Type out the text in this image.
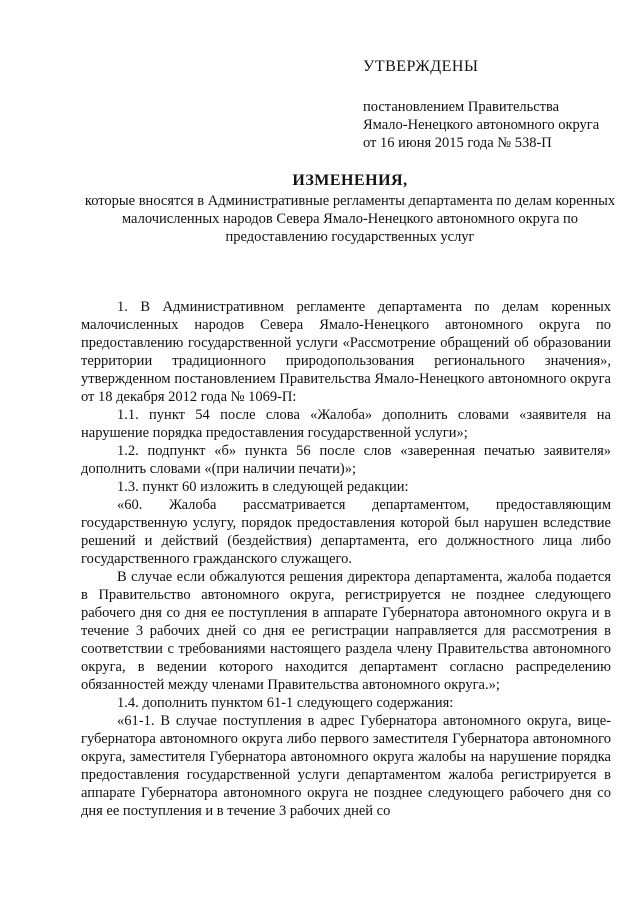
УТВЕРЖДЕНЫ
постановлением Правительства
Ямало-Ненецкого автономного округа
от 16 июня 2015 года № 538-П
ИЗМЕНЕНИЯ,
которые вносятся в Административные регламенты департамента по делам коренных малочисленных народов Севера Ямало-Ненецкого автономного округа по предоставлению государственных услуг

1. В Административном регламенте департамента по делам коренных малочисленных народов Севера Ямало-Ненецкого автономного округа по предоставлению государственной услуги «Рассмотрение обращений об образовании территории традиционного природопользования регионального значения», утвержденном постановлением Правительства Ямало-Ненецкого автономного округа от 18 декабря 2012 года № 1069-П:

1.1. пункт 54 после слова «Жалоба» дополнить словами «заявителя на нарушение порядка предоставления государственной услуги»;

1.2. подпункт «б» пункта 56 после слов «заверенная печатью заявителя» дополнить словами «(при наличии печати)»;

1.3. пункт 60 изложить в следующей редакции:

«60. Жалоба рассматривается департаментом, предоставляющим государственную услугу, порядок предоставления которой был нарушен вследствие решений и действий (бездействия) департамента, его должностного лица либо государственного гражданского служащего.

В случае если обжалуются решения директора департамента, жалоба подается в Правительство автономного округа, регистрируется не позднее следующего рабочего дня со дня ее поступления в аппарате Губернатора автономного округа и в течение 3 рабочих дней со дня ее регистрации направляется для рассмотрения в соответствии с требованиями настоящего раздела члену Правительства автономного округа, в ведении которого находится департамент согласно распределению обязанностей между членами Правительства автономного округа.»;

1.4. дополнить пунктом 61-1 следующего содержания:

«61-1. В случае поступления в адрес Губернатора автономного округа, вице-губернатора автономного округа либо первого заместителя Губернатора автономного округа, заместителя Губернатора автономного округа жалобы на нарушение порядка предоставления государственной услуги департаментом жалоба регистрируется в аппарате Губернатора автономного округа не позднее следующего рабочего дня со дня ее поступления и в течение 3 рабочих дней со
